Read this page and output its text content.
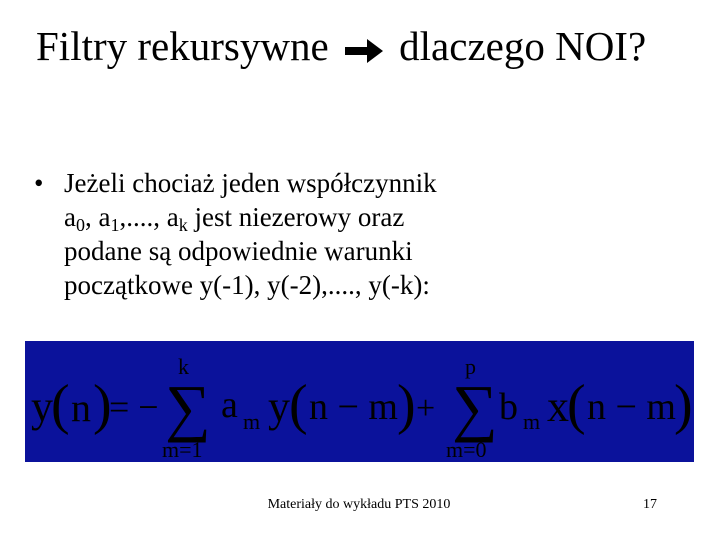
Filtry rekursywne dlaczego NOI?
• Jeżeli chociaż jeden współczynnik
$a_0$, $a_1$,...., $a_k$ jest niezerowy oraz
podane są odpowiednie warunki
początkowe y(-1), y(-2),...., y(-k):
y
( n )
= −
k
∑
m=1
a m y ( n − m ) +
p
∑
m=0
b m x
( n − m
)
Materiały do wykładu PTS 2010	17
